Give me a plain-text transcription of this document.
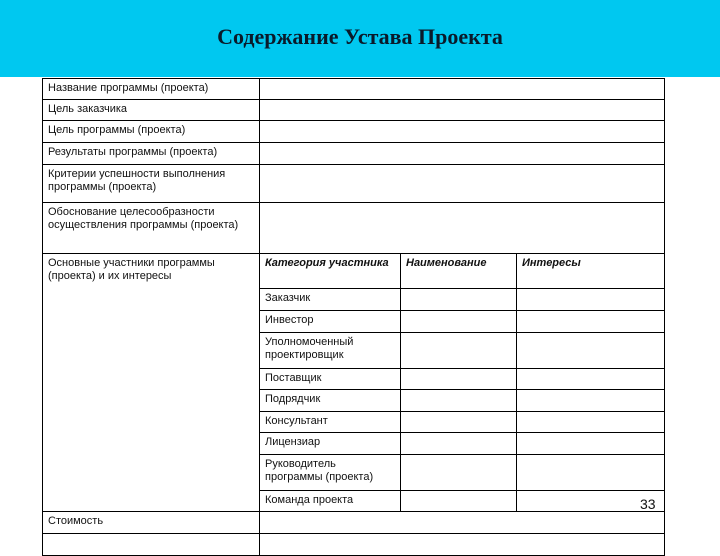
Содержание Устава Проекта
Название программы (проекта)			
Цель заказчика			
Цель программы (проекта)			
Результаты программы (проекта)			
Критерии успешности выполнения программы (проекта)			
Обоснование целесообразности осуществления программы (проекта)			
Основные участники программы (проекта) и их интересы	Категория участника	Наименование	Интересы
	Заказчик		
	Инвестор		
	Уполномоченный проектировщик		
	Поставщик		
	Подрядчик		
	Консультант		
	Лицензиар		
	Руководитель программы (проекта)		
	Команда проекта		
Стоимость			

33
